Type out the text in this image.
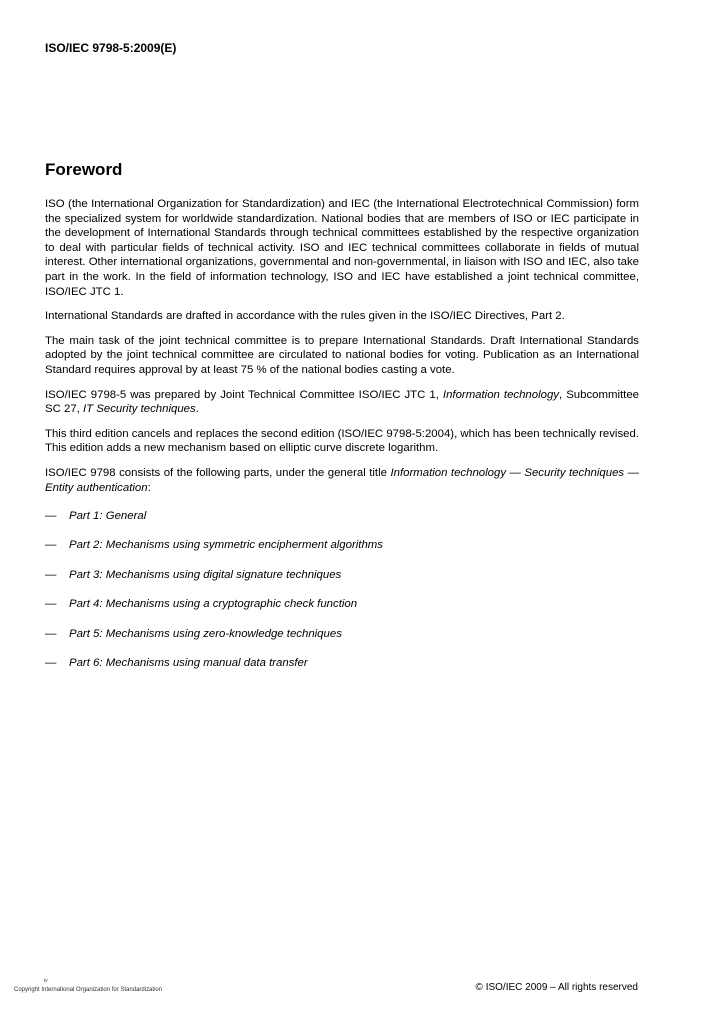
ISO/IEC 9798-5:2009(E)
Foreword

ISO (the International Organization for Standardization) and IEC (the International Electrotechnical Commission) form the specialized system for worldwide standardization. National bodies that are members of ISO or IEC participate in the development of International Standards through technical committees established by the respective organization to deal with particular fields of technical activity. ISO and IEC technical committees collaborate in fields of mutual interest. Other international organizations, governmental and non-governmental, in liaison with ISO and IEC, also take part in the work. In the field of information technology, ISO and IEC have established a joint technical committee, ISO/IEC JTC 1.

International Standards are drafted in accordance with the rules given in the ISO/IEC Directives, Part 2.

The main task of the joint technical committee is to prepare International Standards. Draft International Standards adopted by the joint technical committee are circulated to national bodies for voting. Publication as an International Standard requires approval by at least 75 % of the national bodies casting a vote.

ISO/IEC 9798-5 was prepared by Joint Technical Committee ISO/IEC JTC 1, Information technology, Subcommittee SC 27, IT Security techniques.

This third edition cancels and replaces the second edition (ISO/IEC 9798-5:2004), which has been technically revised. This edition adds a new mechanism based on elliptic curve discrete logarithm.

ISO/IEC 9798 consists of the following parts, under the general title Information technology — Security techniques — Entity authentication:

—	Part 1: General
—	Part 2: Mechanisms using symmetric encipherment algorithms
—	Part 3: Mechanisms using digital signature techniques
—	Part 4: Mechanisms using a cryptographic check function
—	Part 5: Mechanisms using zero-knowledge techniques
—	Part 6: Mechanisms using manual data transfer
iv
Copyright International Organization for Standardization	© ISO/IEC 2009 – All rights reserved
